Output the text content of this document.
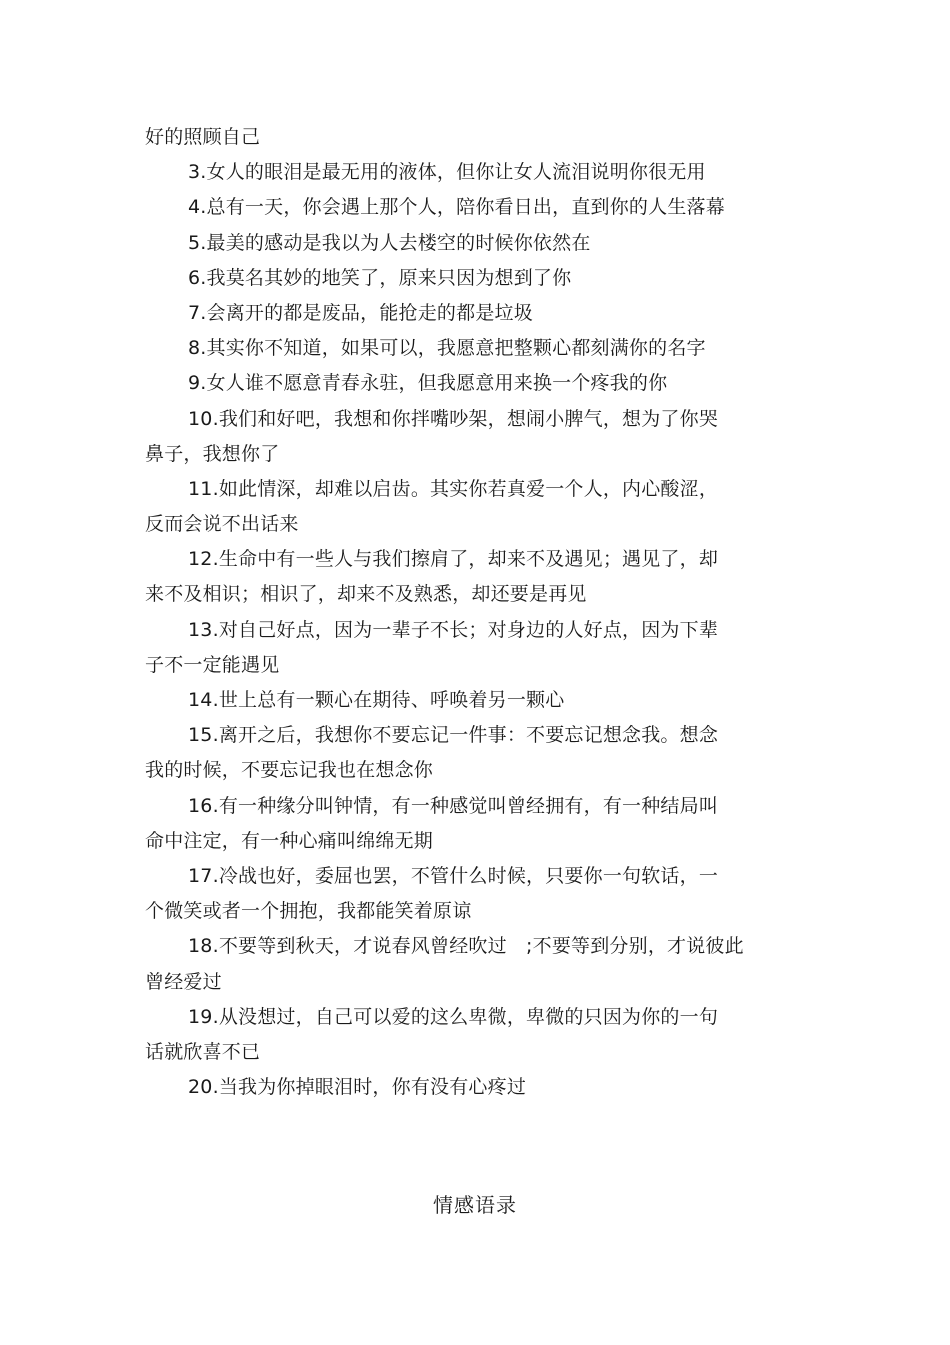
好的照顾自己
3.女人的眼泪是最无用的液体，但你让女人流泪说明你很无用
4.总有一天，你会遇上那个人，陪你看日出，直到你的人生落幕
5.最美的感动是我以为人去楼空的时候你依然在
6.我莫名其妙的地笑了，原来只因为想到了你
7.会离开的都是废品，能抢走的都是垃圾
8.其实你不知道，如果可以，我愿意把整颗心都刻满你的名字
9.女人谁不愿意青春永驻，但我愿意用来换一个疼我的你
10.我们和好吧，我想和你拌嘴吵架，想闹小脾气，想为了你哭
鼻子，我想你了
11.如此情深，却难以启齿。其实你若真爱一个人，内心酸涩，
反而会说不出话来
12.生命中有一些人与我们擦肩了，却来不及遇见；遇见了，却
来不及相识；相识了，却来不及熟悉，却还要是再见
13.对自己好点，因为一辈子不长；对身边的人好点，因为下辈
子不一定能遇见
14.世上总有一颗心在期待、呼唤着另一颗心
15.离开之后，我想你不要忘记一件事：不要忘记想念我。想念
我的时候，不要忘记我也在想念你
16.有一种缘分叫钟情，有一种感觉叫曾经拥有，有一种结局叫
命中注定，有一种心痛叫绵绵无期
17.冷战也好，委屈也罢，不管什么时候，只要你一句软话，一
个微笑或者一个拥抱，我都能笑着原谅
18.不要等到秋天，才说春风曾经吹过　;不要等到分别，才说彼此
曾经爱过
19.从没想过，自己可以爱的这么卑微，卑微的只因为你的一句
话就欣喜不已
20.当我为你掉眼泪时，你有没有心疼过
情感语录
